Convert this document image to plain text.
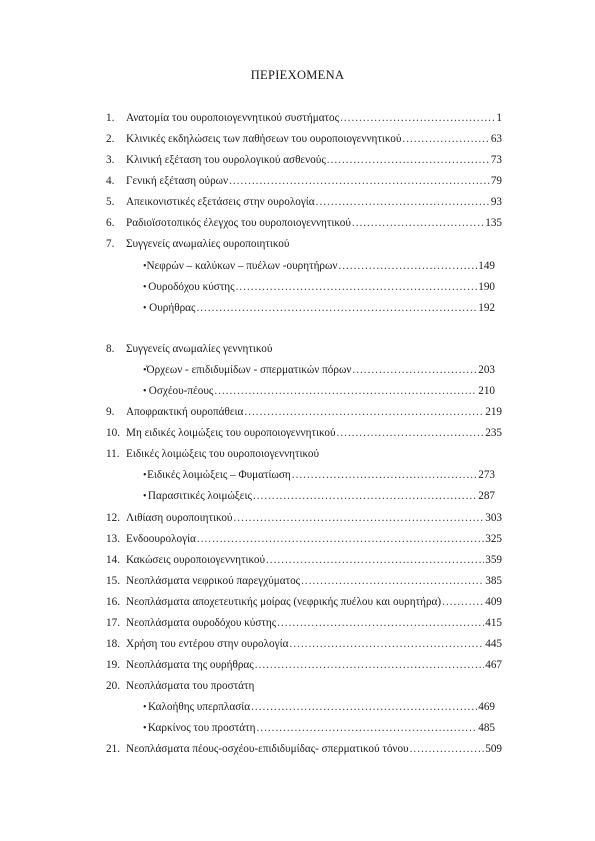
ΠΕΡΙΕΧΟΜΕΝΑ
1.	Ανατομία του ουροποιογεννητικού συστήματος .....	1
2.	Κλινικές εκδηλώσεις των παθήσεων του ουροποιογεννητικού .....	63
3.	Κλινική εξέταση του ουρολογικού ασθενούς .....	73
4.	Γενική εξέταση ούρων .....	79
5.	Απεικονιστικές εξετάσεις στην ουρολογία .....	93
6.	Ραδιοϊσοτοπικός έλεγχος του ουροποιογεννητικού .....	135
7.	Συγγενείς ανωμαλίες ουροποιητικού
• Νεφρών – καλύκων – πυέλων -ουρητήρων .....	149
• Ουροδόχου κύστης .....	190
• Ουρήθρας .....	192
8.	Συγγενείς ανωμαλίες γεννητικού
• Όρχεων - επιδιδυμίδων - σπερματικών πόρων .....	203
• Οσχέου-πέους .....	210
9.	Αποφρακτική ουροπάθεια .....	219
10. Μη ειδικές λοιμώξεις του ουροποιογεννητικού .....	235
11. Ειδικές λοιμώξεις του ουροποιογεννητικού
• Ειδικές λοιμώξεις – Φυματίωση .....	273
• Παρασιτικές λοιμώξεις .....	287
12. Λιθίαση ουροποιητικού .....	303
13. Ενδοουρολογία .....	325
14. Κακώσεις ουροποιογεννητικού .....	359
15. Νεοπλάσματα νεφρικού παρεγχύματος .....	385
16. Νεοπλάσματα αποχετευτικής μοίρας (νεφρικής πυέλου και ουρητήρα) .....	409
17. Νεοπλάσματα ουροδόχου κύστης .....	415
18. Χρήση του εντέρου στην ουρολογία .....	445
19. Νεοπλάσματα της ουρήθρας .....	467
20. Νεοπλάσματα του προστάτη
• Καλοήθης υπερπλασία .....	469
• Καρκίνος του προστάτη .....	485
21. Νεοπλάσματα πέους-οσχέου-επιδιδυμίδας- σπερματικού τόνου .....	509
